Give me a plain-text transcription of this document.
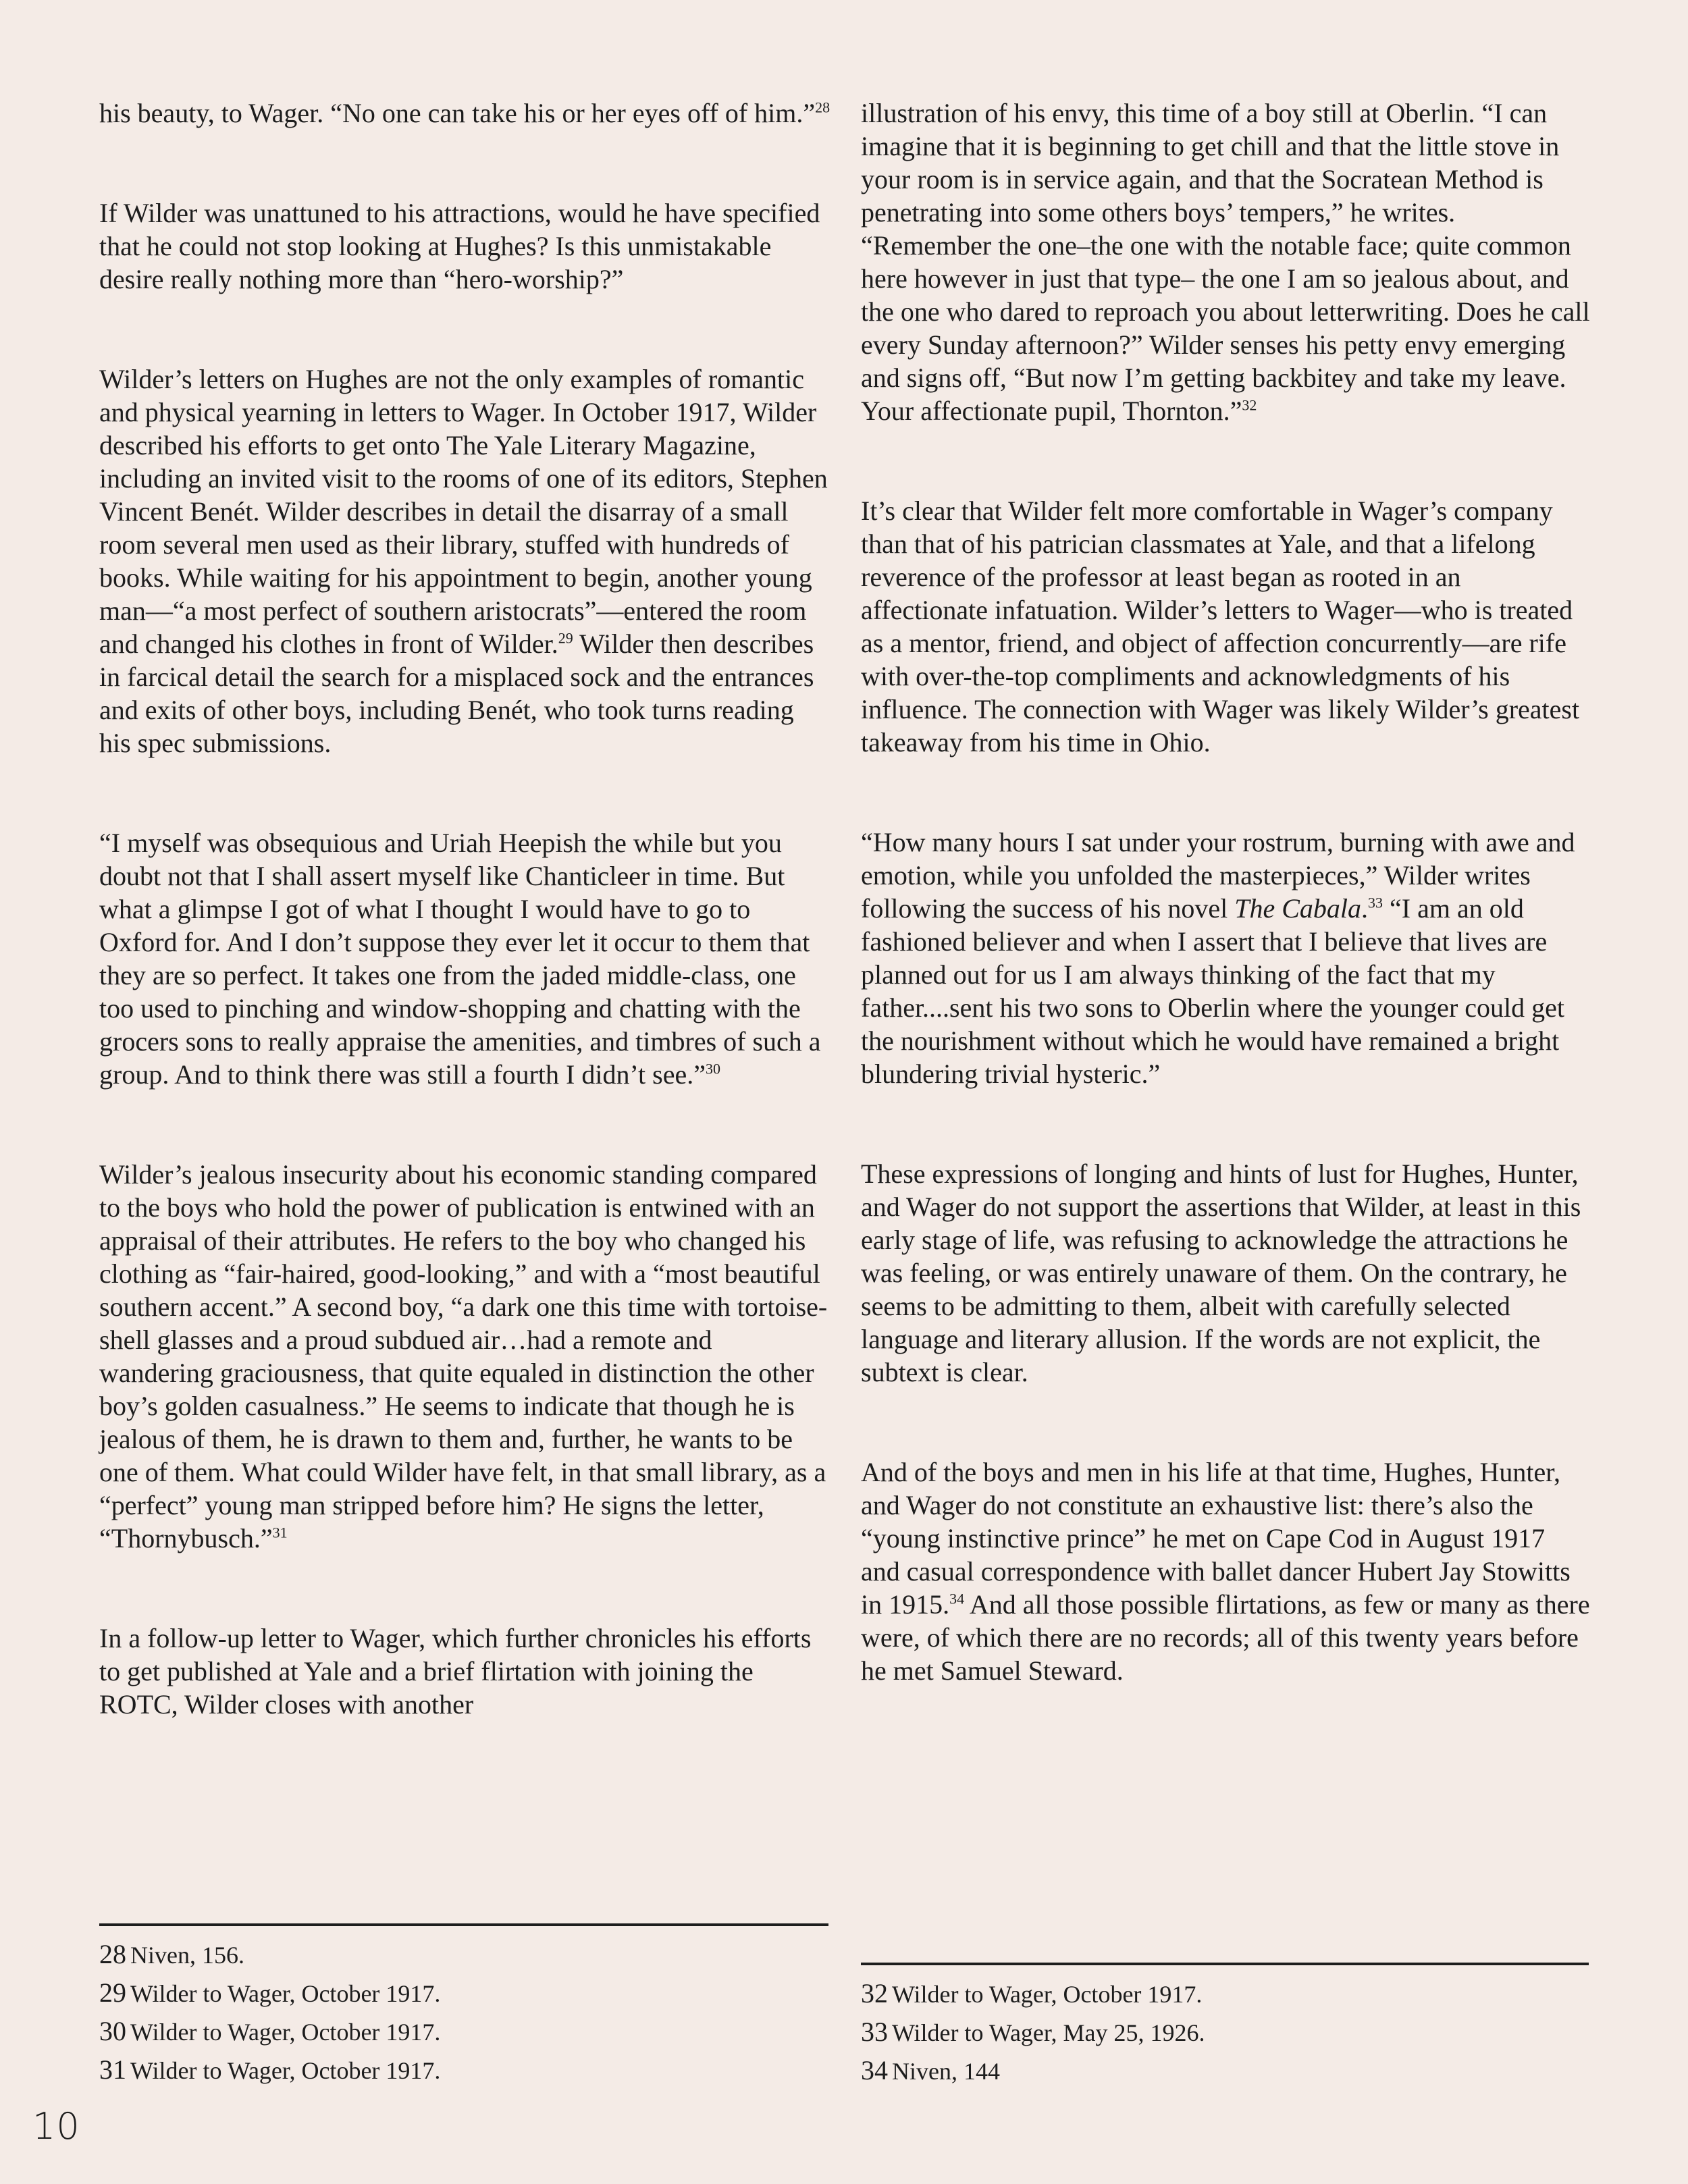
his beauty, to Wager. “No one can take his or her eyes off of him.”$^{28}$

If Wilder was unattuned to his attractions, would he have specified that he could not stop looking at Hughes? Is this unmistakable desire really nothing more than “hero-worship?”

Wilder’s letters on Hughes are not the only examples of romantic and physical yearning in letters to Wager. In October 1917, Wilder described his efforts to get onto The Yale Literary Magazine, including an invited visit to the rooms of one of its editors, Stephen Vincent Benét. Wilder describes in detail the disarray of a small room several men used as their library, stuffed with hundreds of books. While waiting for his appointment to begin, another young man—“a most perfect of southern aristocrats”—entered the room and changed his clothes in front of Wilder.$^{29}$ Wilder then describes in farcical detail the search for a misplaced sock and the entrances and exits of other boys, including Benét, who took turns reading his spec submissions.

“I myself was obsequious and Uriah Heepish the while but you doubt not that I shall assert myself like Chanticleer in time. But what a glimpse I got of what I thought I would have to go to Oxford for. And I don’t suppose they ever let it occur to them that they are so perfect. It takes one from the jaded middle-class, one too used to pinching and window-shopping and chatting with the grocers sons to really appraise the amenities, and timbres of such a group. And to think there was still a fourth I didn’t see.”$^{30}$

Wilder’s jealous insecurity about his economic standing compared to the boys who hold the power of publication is entwined with an appraisal of their attributes. He refers to the boy who changed his clothing as “fair-haired, good-looking,” and with a “most beautiful southern accent.” A second boy, “a dark one this time with tortoise-shell glasses and a proud subdued air…had a remote and wandering graciousness, that quite equaled in distinction the other boy’s golden casualness.” He seems to indicate that though he is jealous of them, he is drawn to them and, further, he wants to be one of them. What could Wilder have felt, in that small library, as a “perfect” young man stripped before him? He signs the letter, “Thornybusch.”$^{31}$

In a follow-up letter to Wager, which further chronicles his efforts to get published at Yale and a brief flirtation with joining the ROTC, Wilder closes with another

illustration of his envy, this time of a boy still at Oberlin. “I can imagine that it is beginning to get chill and that the little stove in your room is in service again, and that the Socratean Method is penetrating into some others boys’ tempers,” he writes. “Remember the one–the one with the notable face; quite common here however in just that type– the one I am so jealous about, and the one who dared to reproach you about letterwriting. Does he call every Sunday afternoon?” Wilder senses his petty envy emerging and signs off, “But now I’m getting backbitey and take my leave. Your affectionate pupil, Thornton.”$^{32}$

It’s clear that Wilder felt more comfortable in Wager’s company than that of his patrician classmates at Yale, and that a lifelong reverence of the professor at least began as rooted in an affectionate infatuation. Wilder’s letters to Wager—who is treated as a mentor, friend, and object of affection concurrently—are rife with over-the-top compliments and acknowledgments of his influence. The connection with Wager was likely Wilder’s greatest takeaway from his time in Ohio.

“How many hours I sat under your rostrum, burning with awe and emotion, while you unfolded the masterpieces,” Wilder writes following the success of his novel The Cabala.$^{33}$ “I am an old fashioned believer and when I assert that I believe that lives are planned out for us I am always thinking of the fact that my father....sent his two sons to Oberlin where the younger could get the nourishment without which he would have remained a bright blundering trivial hysteric.”

These expressions of longing and hints of lust for Hughes, Hunter, and Wager do not support the assertions that Wilder, at least in this early stage of life, was refusing to acknowledge the attractions he was feeling, or was entirely unaware of them. On the contrary, he seems to be admitting to them, albeit with carefully selected language and literary allusion. If the words are not explicit, the subtext is clear.

And of the boys and men in his life at that time, Hughes, Hunter, and Wager do not constitute an exhaustive list: there’s also the “young instinctive prince” he met on Cape Cod in August 1917 and casual correspondence with ballet dancer Hubert Jay Stowitts in 1915.34 And all those possible flirtations, as few or many as there were, of which there are no records; all of this twenty years before he met Samuel Steward.

28 Niven, 156.
29 Wilder to Wager, October 1917.
30 Wilder to Wager, October 1917.
31 Wilder to Wager, October 1917.
32 Wilder to Wager, October 1917.
33 Wilder to Wager, May 25, 1926.
34 Niven, 144
10
